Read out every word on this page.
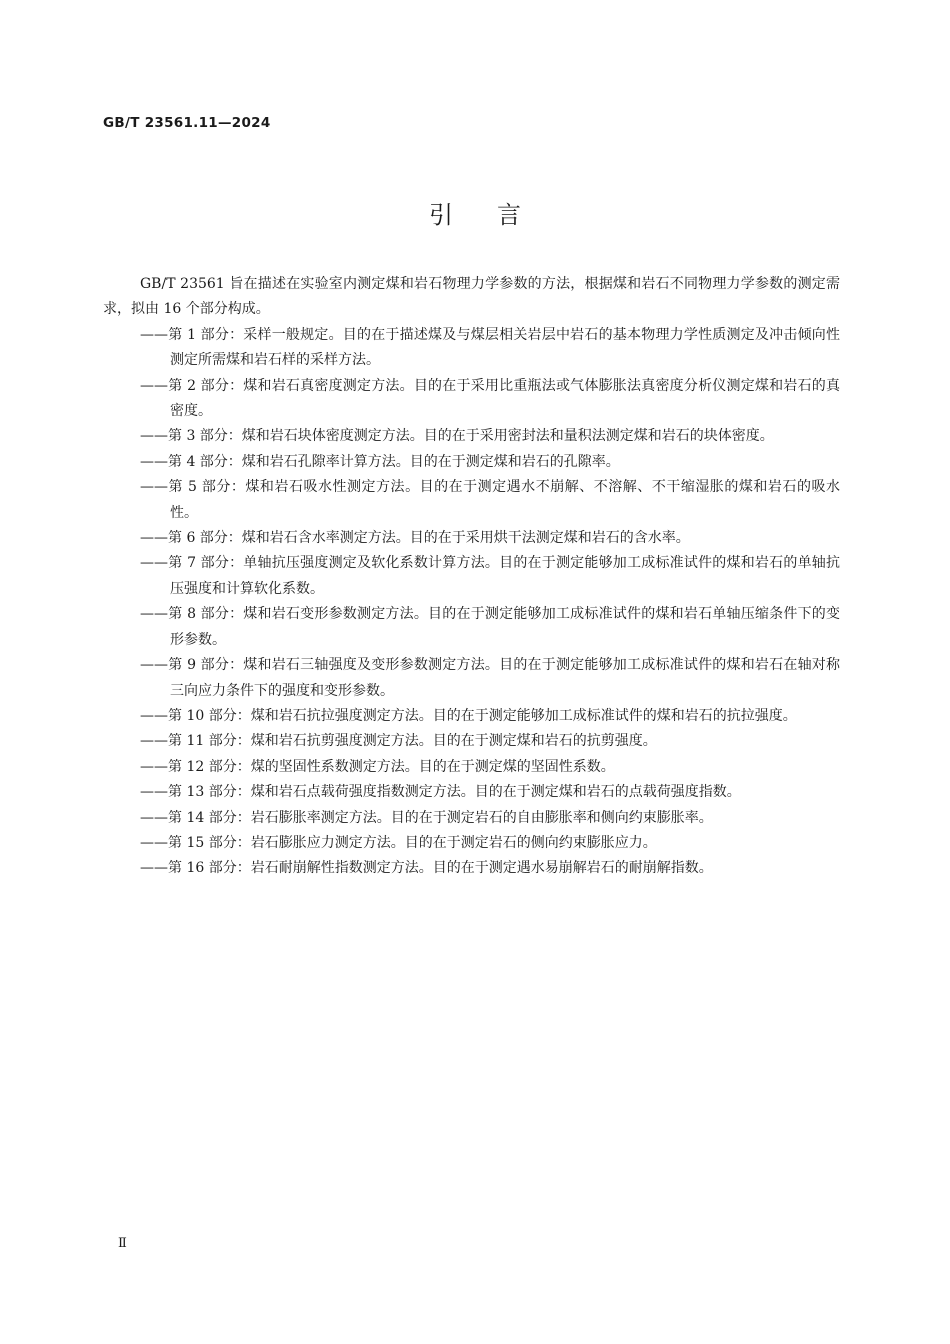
GB/T 23561.11—2024
引言

GB/T 23561 旨在描述在实验室内测定煤和岩石物理力学参数的方法，根据煤和岩石不同物理力学参数的测定需求，拟由 16 个部分构成。

——第 1 部分：采样一般规定。目的在于描述煤及与煤层相关岩层中岩石的基本物理力学性质测定及冲击倾向性测定所需煤和岩石样的采样方法。
——第 2 部分：煤和岩石真密度测定方法。目的在于采用比重瓶法或气体膨胀法真密度分析仪测定煤和岩石的真密度。
——第 3 部分：煤和岩石块体密度测定方法。目的在于采用密封法和量积法测定煤和岩石的块体密度。
——第 4 部分：煤和岩石孔隙率计算方法。目的在于测定煤和岩石的孔隙率。
——第 5 部分：煤和岩石吸水性测定方法。目的在于测定遇水不崩解、不溶解、不干缩湿胀的煤和岩石的吸水性。
——第 6 部分：煤和岩石含水率测定方法。目的在于采用烘干法测定煤和岩石的含水率。
——第 7 部分：单轴抗压强度测定及软化系数计算方法。目的在于测定能够加工成标准试件的煤和岩石的单轴抗压强度和计算软化系数。
——第 8 部分：煤和岩石变形参数测定方法。目的在于测定能够加工成标准试件的煤和岩石单轴压缩条件下的变形参数。
——第 9 部分：煤和岩石三轴强度及变形参数测定方法。目的在于测定能够加工成标准试件的煤和岩石在轴对称三向应力条件下的强度和变形参数。
——第 10 部分：煤和岩石抗拉强度测定方法。目的在于测定能够加工成标准试件的煤和岩石的抗拉强度。
——第 11 部分：煤和岩石抗剪强度测定方法。目的在于测定煤和岩石的抗剪强度。
——第 12 部分：煤的坚固性系数测定方法。目的在于测定煤的坚固性系数。
——第 13 部分：煤和岩石点载荷强度指数测定方法。目的在于测定煤和岩石的点载荷强度指数。
——第 14 部分：岩石膨胀率测定方法。目的在于测定岩石的自由膨胀率和侧向约束膨胀率。
——第 15 部分：岩石膨胀应力测定方法。目的在于测定岩石的侧向约束膨胀应力。
——第 16 部分：岩石耐崩解性指数测定方法。目的在于测定遇水易崩解岩石的耐崩解指数。
Ⅱ
